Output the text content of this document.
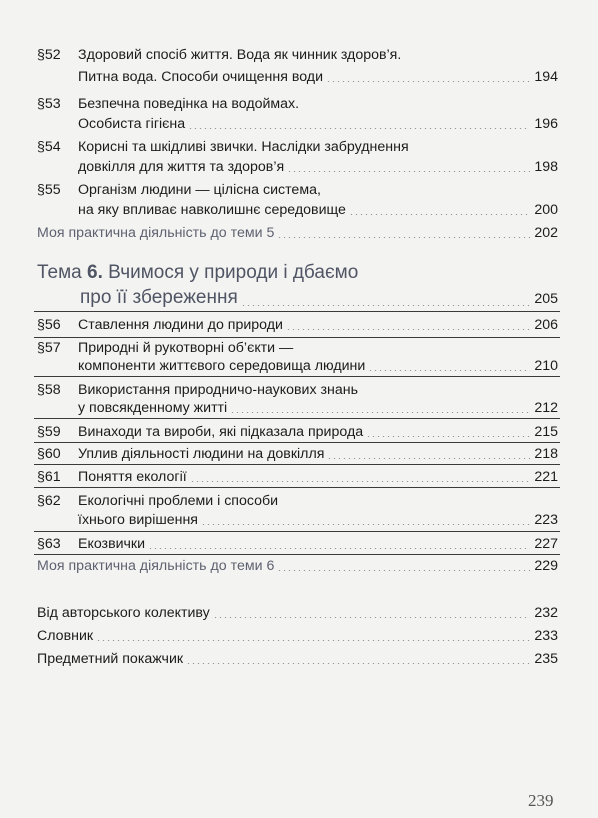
§52 Здоровий спосіб життя. Вода як чинник здоров’я.
Питна вода. Способи очищення води	194
§53 Безпечна поведінка на водоймах.
Особиста гігієна	196
§54 Корисні та шкідливі звички. Наслідки забруднення
довкілля для життя та здоров’я	198
§55 Організм людини — цілісна система,
на яку впливає навколишнє середовище	200
Моя практична діяльність до теми 5	202
Тема 6. Вчимося у природи і дбаємо
про її збереження	205
§56 Ставлення людини до природи	206
§57 Природні й рукотворні об’єкти —
компоненти життєвого середовища людини	210
§58 Використання природничо-наукових знань
у повсякденному житті	212
§59 Винаходи та вироби, які підказала природа	215
§60 Уплив діяльності людини на довкілля	218
§61 Поняття екології	221
§62 Екологічні проблеми і способи
їхнього вирішення	223
§63 Екозвички	227
Моя практична діяльність до теми 6	229
Від авторського колективу	232
Словник	233
Предметний покажчик	235
239
